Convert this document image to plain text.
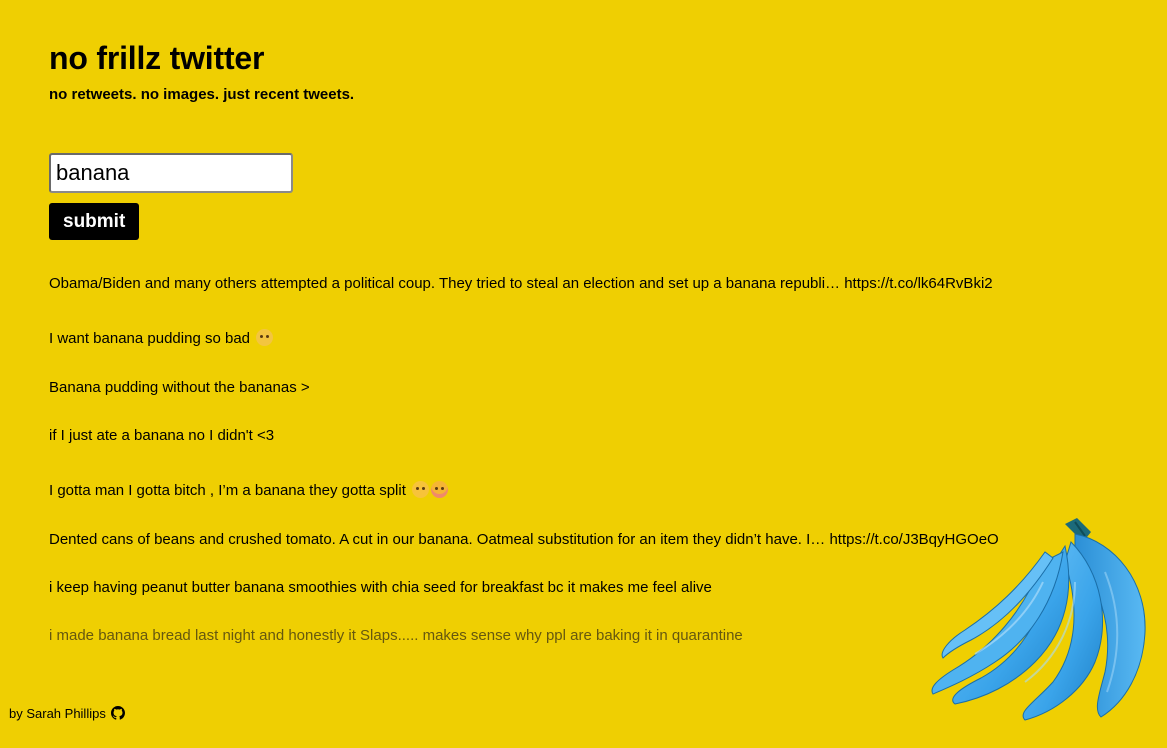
no frillz twitter

no retweets. no images. just recent tweets.

banana
submit
Obama/Biden and many others attempted a political coup. They tried to steal an election and set up a banana republi… https://t.co/lk64RvBki2
I want banana pudding so bad
Banana pudding without the bananas >
if I just ate a banana no I didn't <3
I gotta man I gotta bitch , I’m a banana they gotta split
Dented cans of beans and crushed tomato. A cut in our banana. Oatmeal substitution for an item they didn’t have. I… https://t.co/J3BqyHGOeO
i keep having peanut butter banana smoothies with chia seed for breakfast bc it makes me feel alive
i made banana bread last night and honestly it Slaps..... makes sense why ppl are baking it in quarantine
by Sarah Phillips
